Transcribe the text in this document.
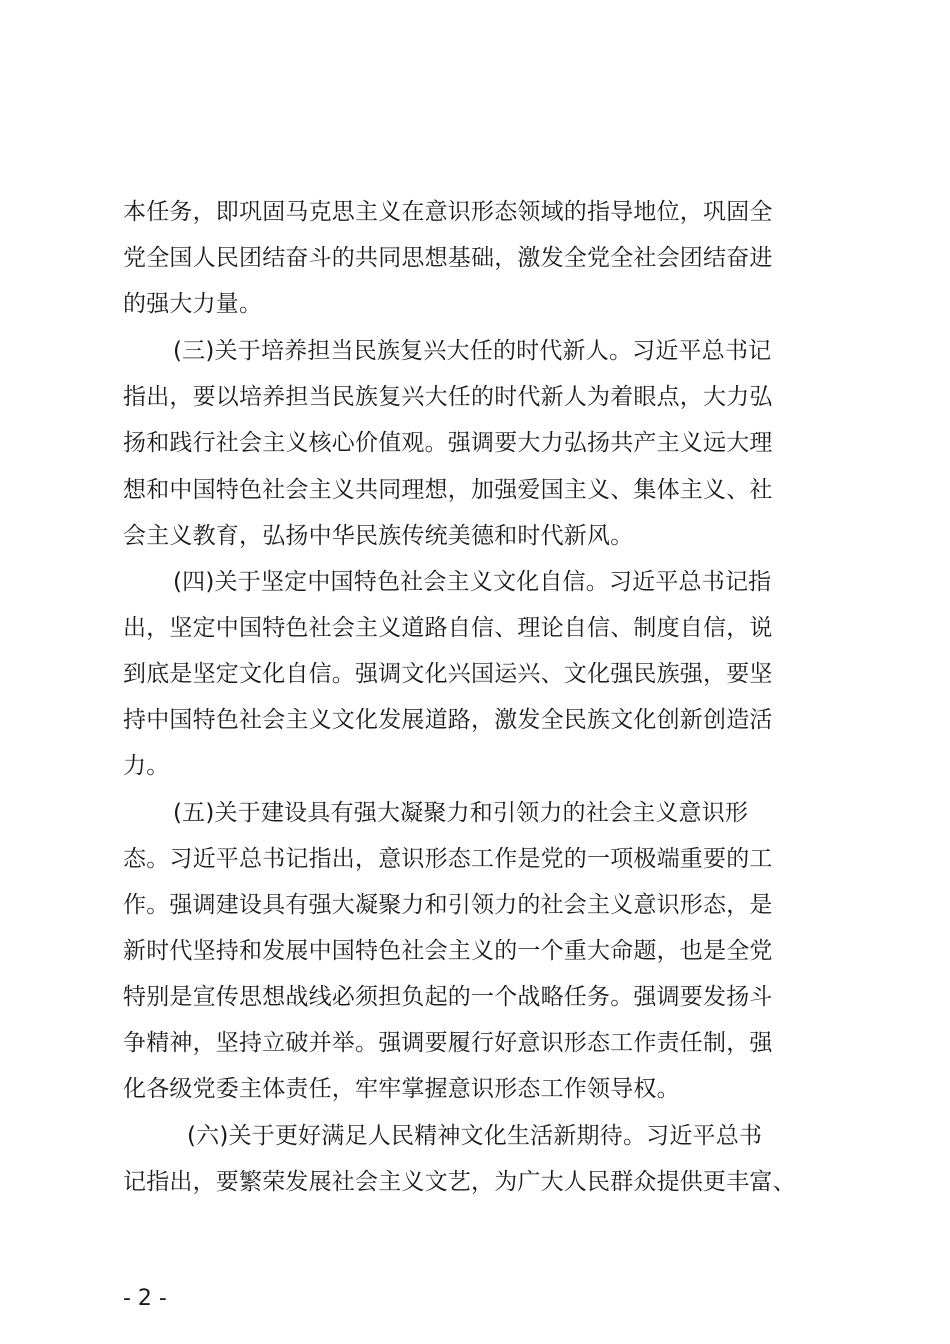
本任务，即巩固马克思主义在意识形态领域的指导地位，巩固全
党全国人民团结奋斗的共同思想基础，激发全党全社会团结奋进
的强大力量。
(三)关于培养担当民族复兴大任的时代新人。习近平总书记
指出，要以培养担当民族复兴大任的时代新人为着眼点，大力弘
扬和践行社会主义核心价值观。强调要大力弘扬共产主义远大理
想和中国特色社会主义共同理想，加强爱国主义、集体主义、社
会主义教育，弘扬中华民族传统美德和时代新风。
(四)关于坚定中国特色社会主义文化自信。习近平总书记指
出，坚定中国特色社会主义道路自信、理论自信、制度自信，说
到底是坚定文化自信。强调文化兴国运兴、文化强民族强，要坚
持中国特色社会主义文化发展道路，激发全民族文化创新创造活
力。
(五)关于建设具有强大凝聚力和引领力的社会主义意识形
态。习近平总书记指出，意识形态工作是党的一项极端重要的工
作。强调建设具有强大凝聚力和引领力的社会主义意识形态，是
新时代坚持和发展中国特色社会主义的一个重大命题，也是全党
特别是宣传思想战线必须担负起的一个战略任务。强调要发扬斗
争精神，坚持立破并举。强调要履行好意识形态工作责任制，强
化各级党委主体责任，牢牢掌握意识形态工作领导权。
(六)关于更好满足人民精神文化生活新期待。习近平总书
记指出，要繁荣发展社会主义文艺，为广大人民群众提供更丰富、
- 2 -
